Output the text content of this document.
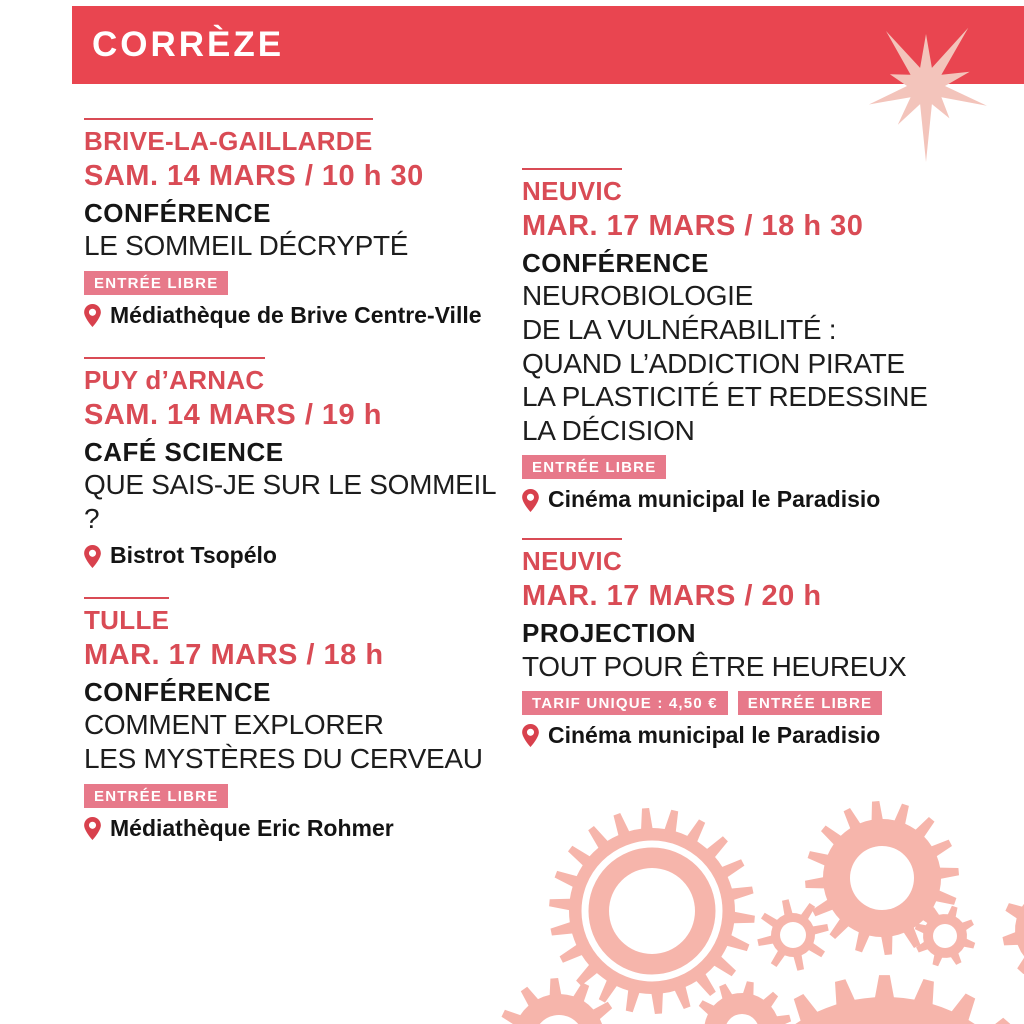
CORRÈZE
BRIVE-LA-GAILLARDE
SAM. 14 MARS / 10 h 30
CONFÉRENCE
LE SOMMEIL DÉCRYPTÉ
ENTRÉE LIBRE
Médiathèque de Brive Centre-Ville
PUY d’ARNAC
SAM. 14 MARS / 19 h
CAFÉ SCIENCE
QUE SAIS-JE SUR LE SOMMEIL ?
Bistrot Tsopélo
TULLE
MAR. 17 MARS / 18 h
CONFÉRENCE
COMMENT EXPLORER
LES MYSTÈRES DU CERVEAU
ENTRÉE LIBRE
Médiathèque Eric Rohmer
NEUVIC
MAR. 17 MARS / 18 h 30
CONFÉRENCE
NEUROBIOLOGIE
DE LA VULNÉRABILITÉ :
QUAND L’ADDICTION PIRATE
LA PLASTICITÉ ET REDESSINE
LA DÉCISION
ENTRÉE LIBRE
Cinéma municipal le Paradisio
NEUVIC
MAR. 17 MARS / 20 h
PROJECTION
TOUT POUR ÊTRE HEUREUX
TARIF UNIQUE : 4,50 €	ENTRÉE LIBRE
Cinéma municipal le Paradisio
